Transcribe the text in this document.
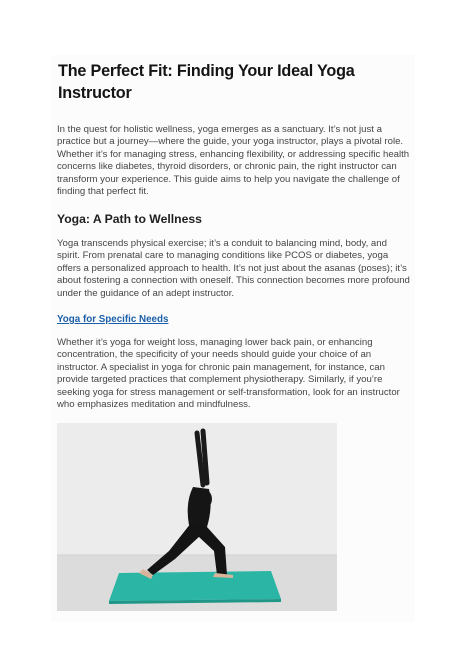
The Perfect Fit: Finding Your Ideal Yoga Instructor

In the quest for holistic wellness, yoga emerges as a sanctuary. It’s not just a practice but a journey—where the guide, your yoga instructor, plays a pivotal role. Whether it’s for managing stress, enhancing flexibility, or addressing specific health concerns like diabetes, thyroid disorders, or chronic pain, the right instructor can transform your experience. This guide aims to help you navigate the challenge of finding that perfect fit.

Yoga: A Path to Wellness

Yoga transcends physical exercise; it’s a conduit to balancing mind, body, and spirit. From prenatal care to managing conditions like PCOS or diabetes, yoga offers a personalized approach to health. It’s not just about the asanas (poses); it’s about fostering a connection with oneself. This connection becomes more profound under the guidance of an adept instructor.

Yoga for Specific Needs

Whether it’s yoga for weight loss, managing lower back pain, or enhancing concentration, the specificity of your needs should guide your choice of an instructor. A specialist in yoga for chronic pain management, for instance, can provide targeted practices that complement physiotherapy. Similarly, if you’re seeking yoga for stress management or self-transformation, look for an instructor who emphasizes meditation and mindfulness.
